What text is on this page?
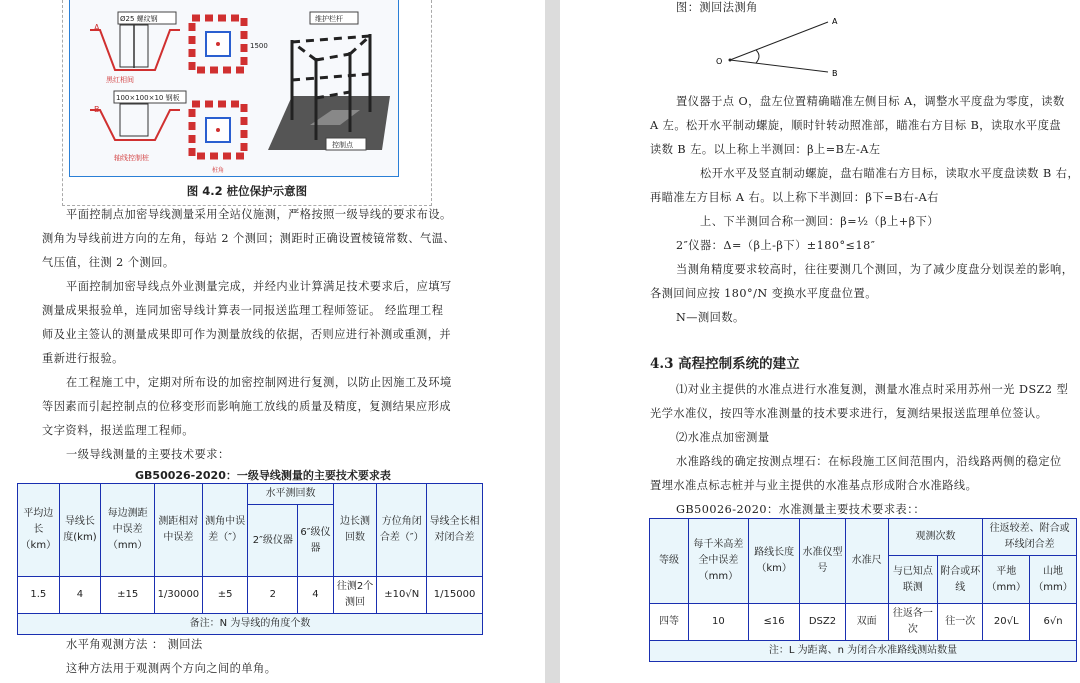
Ø25 螺纹钢
A
黑红相间
100×100×10 钢板
B
轴线控制桩
1500
桩角
维护栏杆
控制点
图 4.2 桩位保护示意图

平面控制点加密导线测量采用全站仪施测，严格按照一级导线的要求布设。

测角为导线前进方向的左角，每站 2 个测回；测距时正确设置棱镜常数、气温、

气压值，往测 2 个测回。

平面控制加密导线点外业测量完成，并经内业计算满足技术要求后，应填写

测量成果报验单，连同加密导线计算表一同报送监理工程师签证。 经监理工程

师及业主签认的测量成果即可作为测量放线的依据，否则应进行补测或重测，并

重新进行报验。

在工程施工中，定期对所布设的加密控制网进行复测，以防止因施工及环境

等因素而引起控制点的位移变形而影响施工放线的质量及精度，复测结果应形成

文字资料，报送监理工程师。

一级导线测量的主要技术要求：

GB50026-2020：一级导线测量的主要技术要求表
平均边长（km）	导线长度(km)	每边测距中误差（mm）	测距相对中误差	测角中误差（″）	水平测回数		边长测回数	方位角闭合差（″）	导线全长相对闭合差
					2″级仪器	6″级仪器			
1.5	4	±15	1/30000	±5	2	4	往测2个测回	±10√N	1/15000
备注：N 为导线的角度个数									

水平角观测方法 ： 测回法

这种方法用于观测两个方向之间的单角。

图：测回法测角

O
A
B

置仪器于点 O，盘左位置精确瞄准左侧目标 A，调整水平度盘为零度，读数

A 左。松开水平制动螺旋，顺时针转动照准部，瞄准右方目标 B，读取水平度盘

读数 B 左。以上称上半测回：β上=B左-A左

松开水平及竖直制动螺旋，盘右瞄准右方目标，读取水平度盘读数 B 右，

再瞄准左方目标 A 右。以上称下半测回：β下=B右-A右

上、下半测回合称一测回：β=½（β上+β下）

2″仪器：Δ=（β上-β下）±180°≤18″

当测角精度要求较高时，往往要测几个测回，为了减少度盘分划误差的影响，

各测回间应按 180°/N 变换水平度盘位置。

N—测回数。

4.3 高程控制系统的建立

⑴对业主提供的水准点进行水准复测，测量水准点时采用苏州一光 DSZ2 型

光学水准仪，按四等水准测量的技术要求进行，复测结果报送监理单位签认。

⑵水准点加密测量

水准路线的确定按测点埋石：在标段施工区间范围内，沿线路两侧的稳定位

置埋水准点标志桩并与业主提供的水准基点形成附合水准路线。

GB50026-2020：水准测量主要技术要求表：：

等级	每千米高差全中误差（mm）	路线长度（km）	水准仪型号	水准尺	观测次数		往返较差、附合或环线闭合差	
					与已知点联测	附合或环线	平地（mm）	山地（mm）
四等	10	≤16	DSZ2	双面	往返各一次	往一次	20√L	6√n
注：L 为距离、n 为闭合水准路线测站数量								
